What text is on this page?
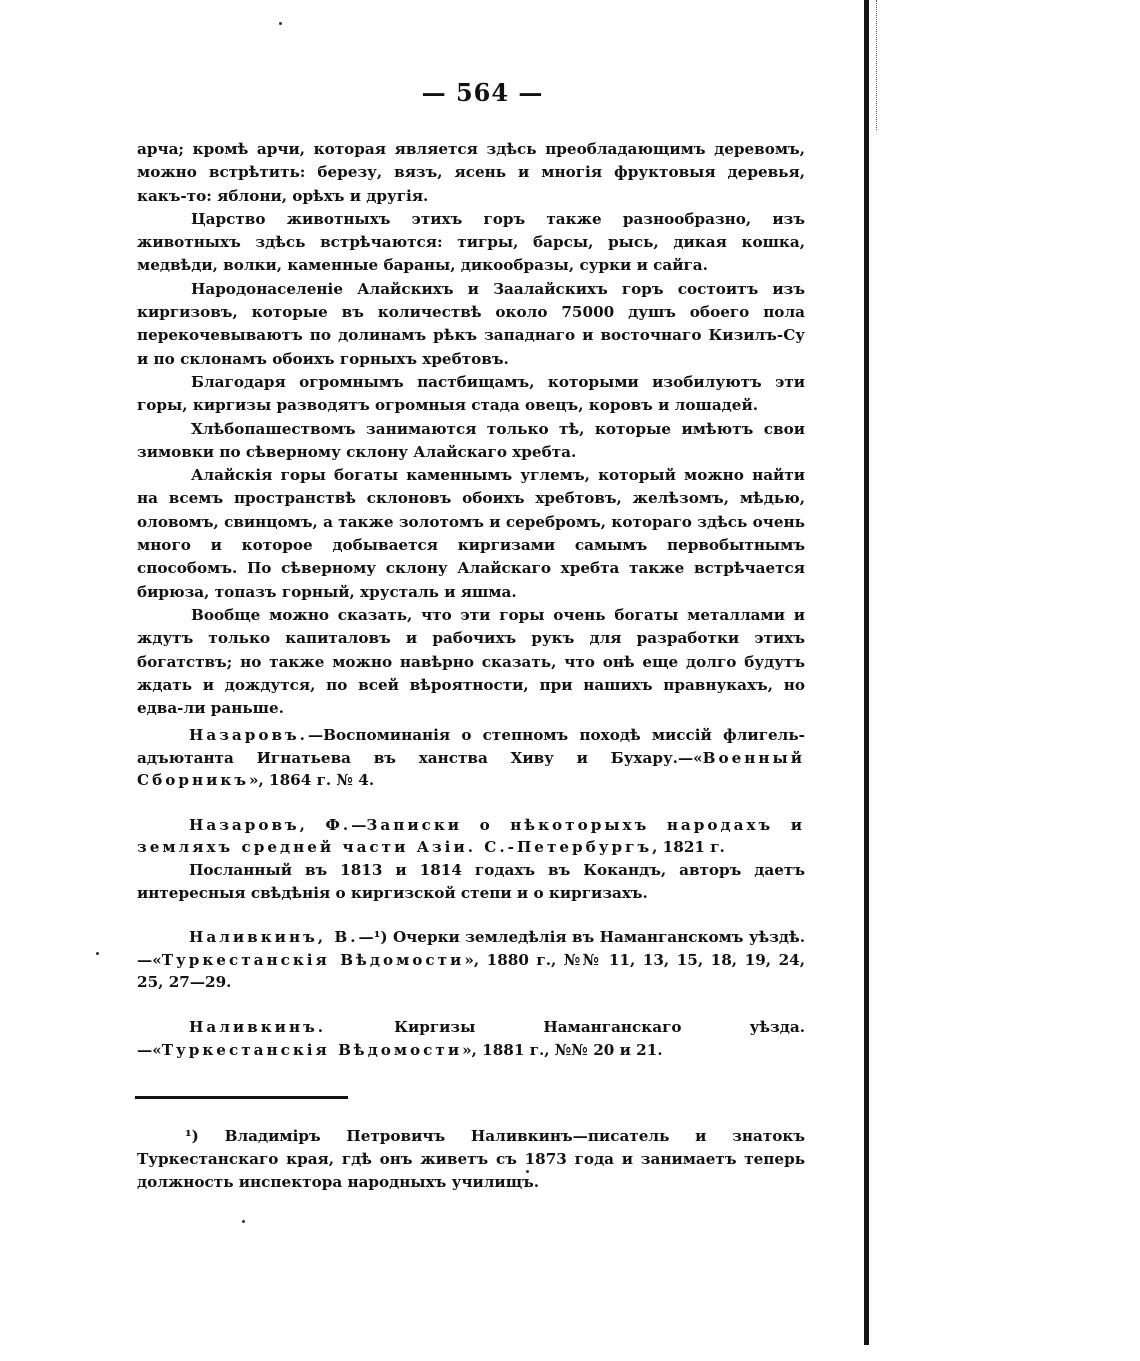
— 564 —

арча; кромѣ арчи, которая является здѣсь преобладающимъ деревомъ, можно встрѣтить: березу, вязъ, ясень и многія фруктовыя деревья, какъ-то: яблони, орѣхъ и другія.

Царство животныхъ этихъ горъ также разнообразно, изъ животныхъ здѣсь встрѣчаются: тигры, барсы, рысь, дикая кошка, медвѣди, волки, каменные бараны, дикообразы, сурки и сайга.

Народонаселеніе Алайскихъ и Заалайскихъ горъ состоитъ изъ киргизовъ, которые въ количествѣ около 75000 душъ обоего пола перекочевываютъ по долинамъ рѣкъ западнаго и восточнаго Кизилъ-Су и по склонамъ обоихъ горныхъ хребтовъ.

Благодаря огромнымъ пастбищамъ, которыми изобилуютъ эти горы, киргизы разводятъ огромныя стада овецъ, коровъ и лошадей.

Хлѣбопашествомъ занимаются только тѣ, которые имѣютъ свои зимовки по сѣверному склону Алайскаго хребта.

Алайскія горы богаты каменнымъ углемъ, который можно найти на всемъ пространствѣ склоновъ обоихъ хребтовъ, желѣзомъ, мѣдью, оловомъ, свинцомъ, а также золотомъ и серебромъ, котораго здѣсь очень много и которое добывается киргизами самымъ первобытнымъ способомъ. По сѣверному склону Алайскаго хребта также встрѣчается бирюза, топазъ горный, хрусталь и яшма.

Вообще можно сказать, что эти горы очень богаты металлами и ждутъ только капиталовъ и рабочихъ рукъ для разработки этихъ богатствъ; но также можно навѣрно сказать, что онѣ еще долго будутъ ждать и дождутся, по всей вѣроятности, при нашихъ правнукахъ, но едва-ли раньше.

Назаровъ.—Воспоминанія о степномъ походѣ миссій флигель-адъютанта Игнатьева въ ханства Хиву и Бухару.—«Военный Сборникъ», 1864 г. № 4.
Назаровъ, Ф.—Записки о нѣкоторыхъ народахъ и земляхъ средней части Азіи. С.-Петербургъ, 1821 г.
Посланный въ 1813 и 1814 годахъ въ Кокандъ, авторъ даетъ интересныя свѣдѣнія о киргизской степи и о киргизахъ.
Наливкинъ, В.—¹) Очерки земледѣлія въ Наманганскомъ уѣздѣ.—«Туркестанскія Вѣдомости», 1880 г., №№ 11, 13, 15, 18, 19, 24, 25, 27—29.
Наливкинъ. Киргизы Наманганскаго уѣзда.—«Туркестанскія Вѣдомости», 1881 г., №№ 20 и 21.
¹) Владиміръ Петровичъ Наливкинъ—писатель и знатокъ Туркестанскаго края, гдѣ онъ живетъ съ 1873 года и занимаетъ теперь должность инспектора народныхъ училищъ.
